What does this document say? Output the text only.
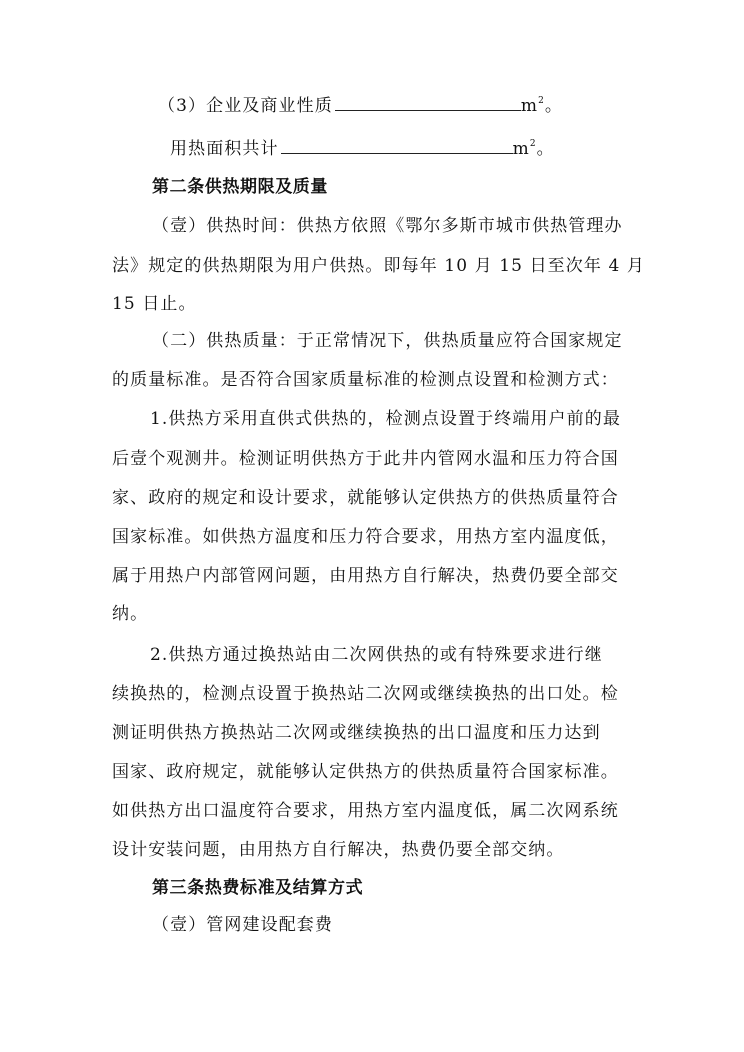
（3）企业及商业性质	$m^2$。
用热面积共计	$m^2$。
第二条供热期限及质量
（壹）供热时间：供热方依照《鄂尔多斯市城市供热管理办
法》规定的供热期限为用户供热。即每年 10 月 15 日至次年 4 月
15 日止。
（二）供热质量：于正常情况下，供热质量应符合国家规定
的质量标准。是否符合国家质量标准的检测点设置和检测方式：
1.供热方采用直供式供热的，检测点设置于终端用户前的最
后壹个观测井。检测证明供热方于此井内管网水温和压力符合国
家、政府的规定和设计要求，就能够认定供热方的供热质量符合
国家标准。如供热方温度和压力符合要求，用热方室内温度低，
属于用热户内部管网问题，由用热方自行解决，热费仍要全部交
纳。
2.供热方通过换热站由二次网供热的或有特殊要求进行继
续换热的，检测点设置于换热站二次网或继续换热的出口处。检
测证明供热方换热站二次网或继续换热的出口温度和压力达到
国家、政府规定，就能够认定供热方的供热质量符合国家标准。
如供热方出口温度符合要求，用热方室内温度低，属二次网系统
设计安装问题，由用热方自行解决，热费仍要全部交纳。
第三条热费标准及结算方式
（壹）管网建设配套费
